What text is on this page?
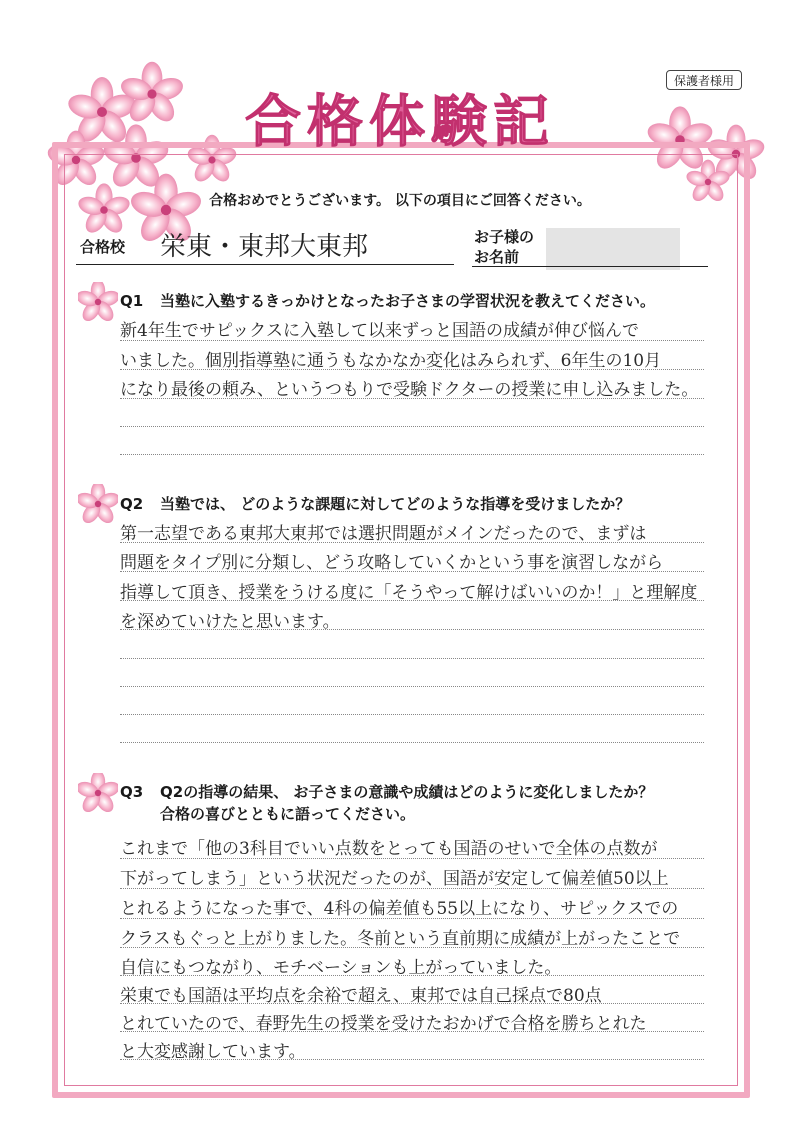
保護者様用
合格体験記
合格おめでとうございます。 以下の項目にご回答ください。
合格校 栄東・東邦大東邦	お子様の
お名前
Q1 当塾に入塾するきっかけとなったお子さまの学習状況を教えてください。
新4年生でサピックスに入塾して以来ずっと国語の成績が伸び悩んで
いました。個別指導塾に通うもなかなか変化はみられず、6年生の10月
になり最後の頼み、というつもりで受験ドクターの授業に申し込みました。
Q2 当塾では、 どのような課題に対してどのような指導を受けましたか？
第一志望である東邦大東邦では選択問題がメインだったので、まずは
問題をタイプ別に分類し、どう攻略していくかという事を演習しながら
指導して頂き、授業をうける度に「そうやって解けばいいのか！」と理解度
を深めていけたと思います。
Q3 Q2の指導の結果、 お子さまの意識や成績はどのように変化しましたか？
合格の喜びとともに語ってください。
これまで「他の3科目でいい点数をとっても国語のせいで全体の点数が
下がってしまう」という状況だったのが、国語が安定して偏差値50以上
とれるようになった事で、4科の偏差値も55以上になり、サピックスでの
クラスもぐっと上がりました。冬前という直前期に成績が上がったことで
自信にもつながり、モチベーションも上がっていました。
栄東でも国語は平均点を余裕で超え、東邦では自己採点で80点
とれていたので、春野先生の授業を受けたおかげで合格を勝ちとれた
と大変感謝しています。
